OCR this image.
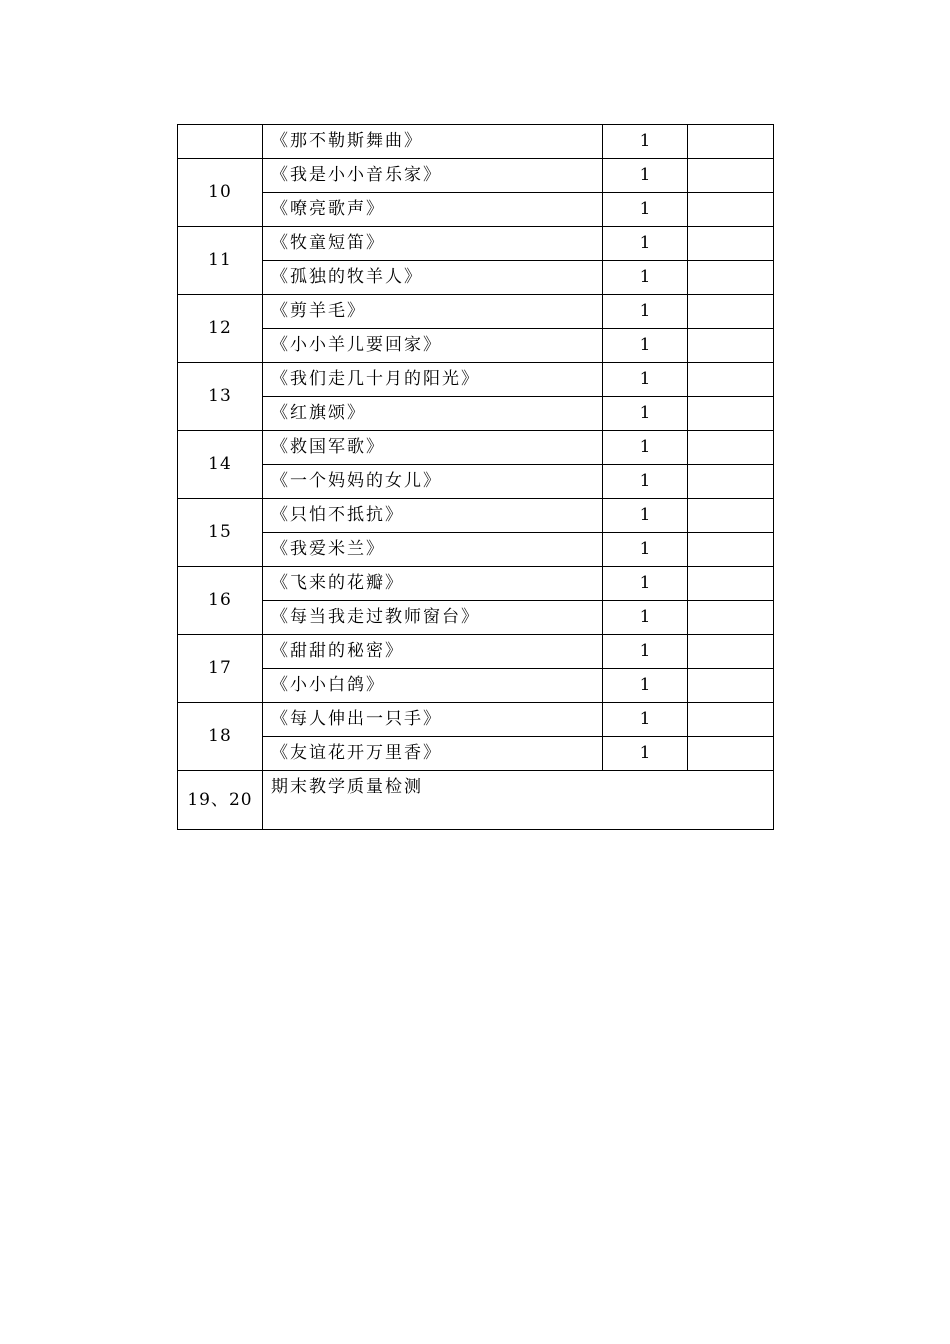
	《那不勒斯舞曲》	1	
10	《我是小小音乐家》	1	
	《嘹亮歌声》	1	
11	《牧童短笛》	1	
	《孤独的牧羊人》	1	
12	《剪羊毛》	1	
	《小小羊儿要回家》	1	
13	《我们走几十月的阳光》	1	
	《红旗颂》	1	
14	《救国军歌》	1	
	《一个妈妈的女儿》	1	
15	《只怕不抵抗》	1	
	《我爱米兰》	1	
16	《飞来的花瓣》	1	
	《每当我走过教师窗台》	1	
17	《甜甜的秘密》	1	
	《小小白鸽》	1	
18	《每人伸出一只手》	1	
	《友谊花开万里香》	1	
19、20	期末教学质量检测		
